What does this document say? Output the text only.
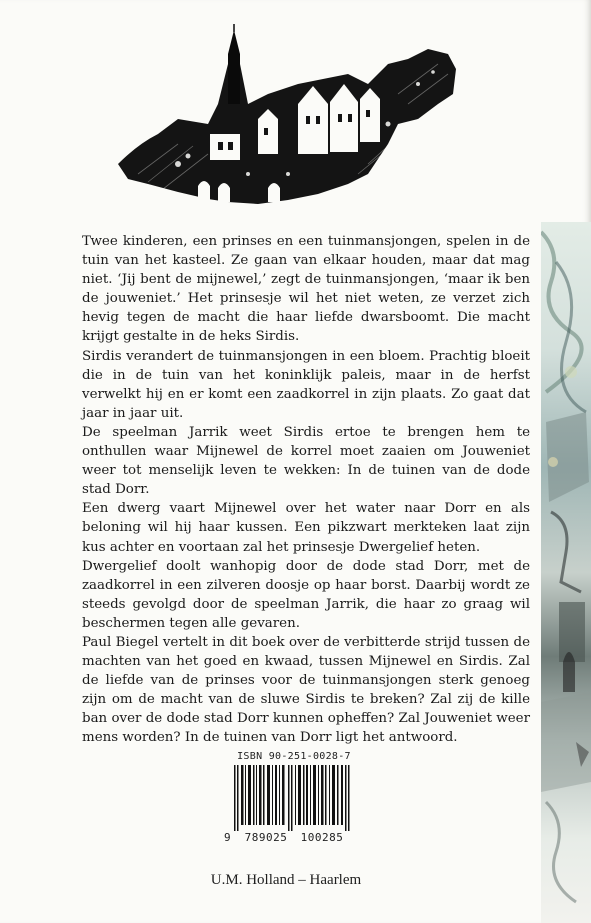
Twee kinderen, een prinses en een tuinmansjongen, spelen in de tuin van het kasteel. Ze gaan van elkaar houden, maar dat mag niet. ‘Jij bent de mijnewel,’ zegt de tuinmansjongen, ‘maar ik ben de jouweniet.’ Het prinsesje wil het niet weten, ze verzet zich hevig tegen de macht die haar liefde dwarsboomt. Die macht krijgt gestalte in de heks Sirdis.

Sirdis verandert de tuinmansjongen in een bloem. Prachtig bloeit die in de tuin van het koninklijk paleis, maar in de herfst verwelkt hij en er komt een zaadkorrel in zijn plaats. Zo gaat dat jaar in jaar uit.

De speelman Jarrik weet Sirdis ertoe te brengen hem te onthullen waar Mijnewel de korrel moet zaaien om Jouweniet weer tot menselijk leven te wekken: In de tuinen van de dode stad Dorr.

Een dwerg vaart Mijnewel over het water naar Dorr en als beloning wil hij haar kussen. Een pikzwart merkteken laat zijn kus achter en voortaan zal het prinsesje Dwergelief heten.

Dwergelief doolt wanhopig door de dode stad Dorr, met de zaadkorrel in een zilveren doosje op haar borst. Daarbij wordt ze steeds gevolgd door de speelman Jarrik, die haar zo graag wil beschermen tegen alle gevaren.

Paul Biegel vertelt in dit boek over de verbitterde strijd tussen de machten van het goed en kwaad, tussen Mijnewel en Sirdis. Zal de liefde van de prinses voor de tuinmansjongen sterk genoeg zijn om de macht van de sluwe Sirdis te breken? Zal zij de kille ban over de dode stad Dorr kunnen opheffen? Zal Jouweniet weer mens worden? In de tuinen van Dorr ligt het antwoord.

ISBN 90-251-0028-7
9 789025 100285
U.M. Holland – Haarlem
